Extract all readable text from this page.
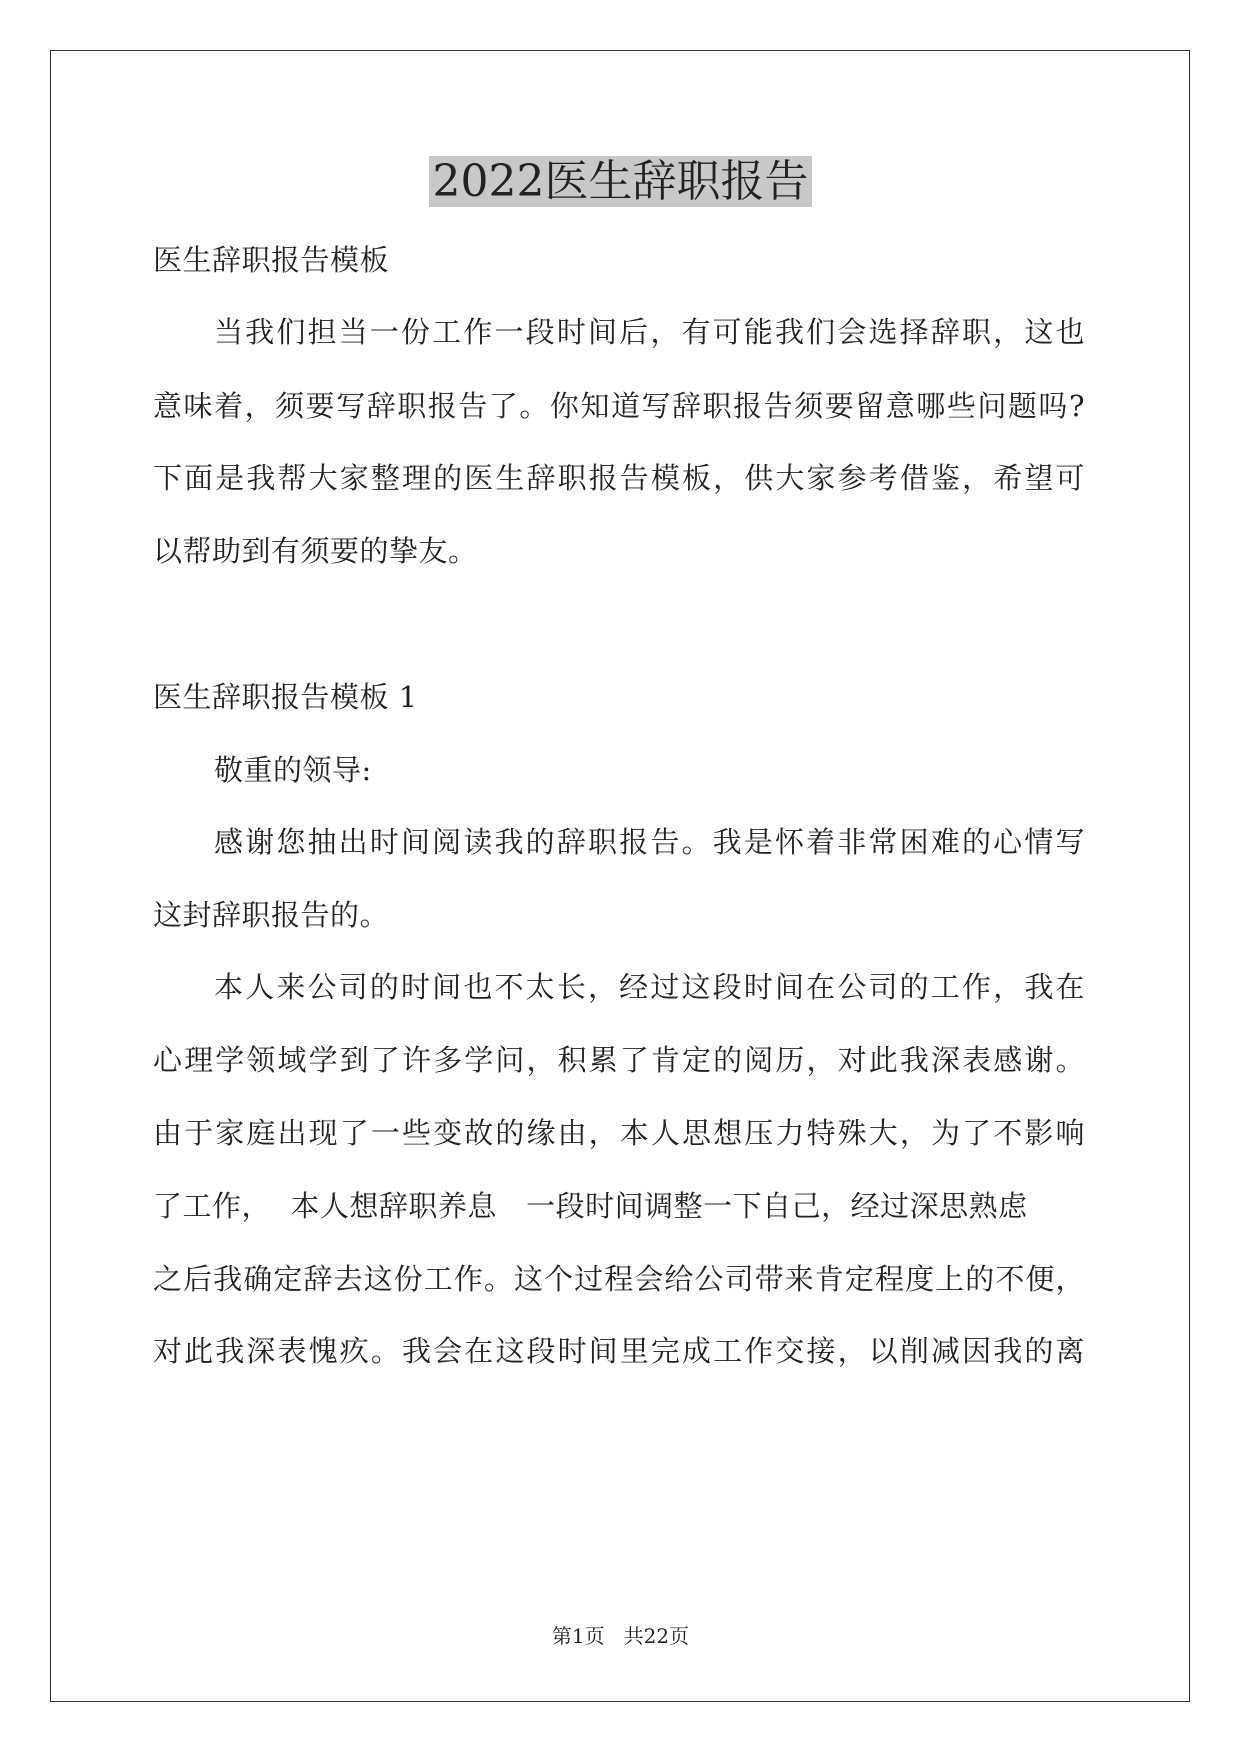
2022医生辞职报告

医生辞职报告模板

当我们担当一份工作一段时间后，有可能我们会选择辞职，这也

意味着，须要写辞职报告了。你知道写辞职报告须要留意哪些问题吗?

下面是我帮大家整理的医生辞职报告模板，供大家参考借鉴，希望可

以帮助到有须要的挚友。

医生辞职报告模板 1

敬重的领导:

感谢您抽出时间阅读我的辞职报告。我是怀着非常困难的心情写

这封辞职报告的。

本人来公司的时间也不太长，经过这段时间在公司的工作，我在

心理学领域学到了许多学问，积累了肯定的阅历，对此我深表感谢。

由于家庭出现了一些变故的缘由，本人思想压力特殊大，为了不影响

了工作，  本人想辞职养息   一段时间调整一下自己，经过深思熟虑

之后我确定辞去这份工作。这个过程会给公司带来肯定程度上的不便，

对此我深表愧疚。我会在这段时间里完成工作交接，以削减因我的离

第1页 共22页
